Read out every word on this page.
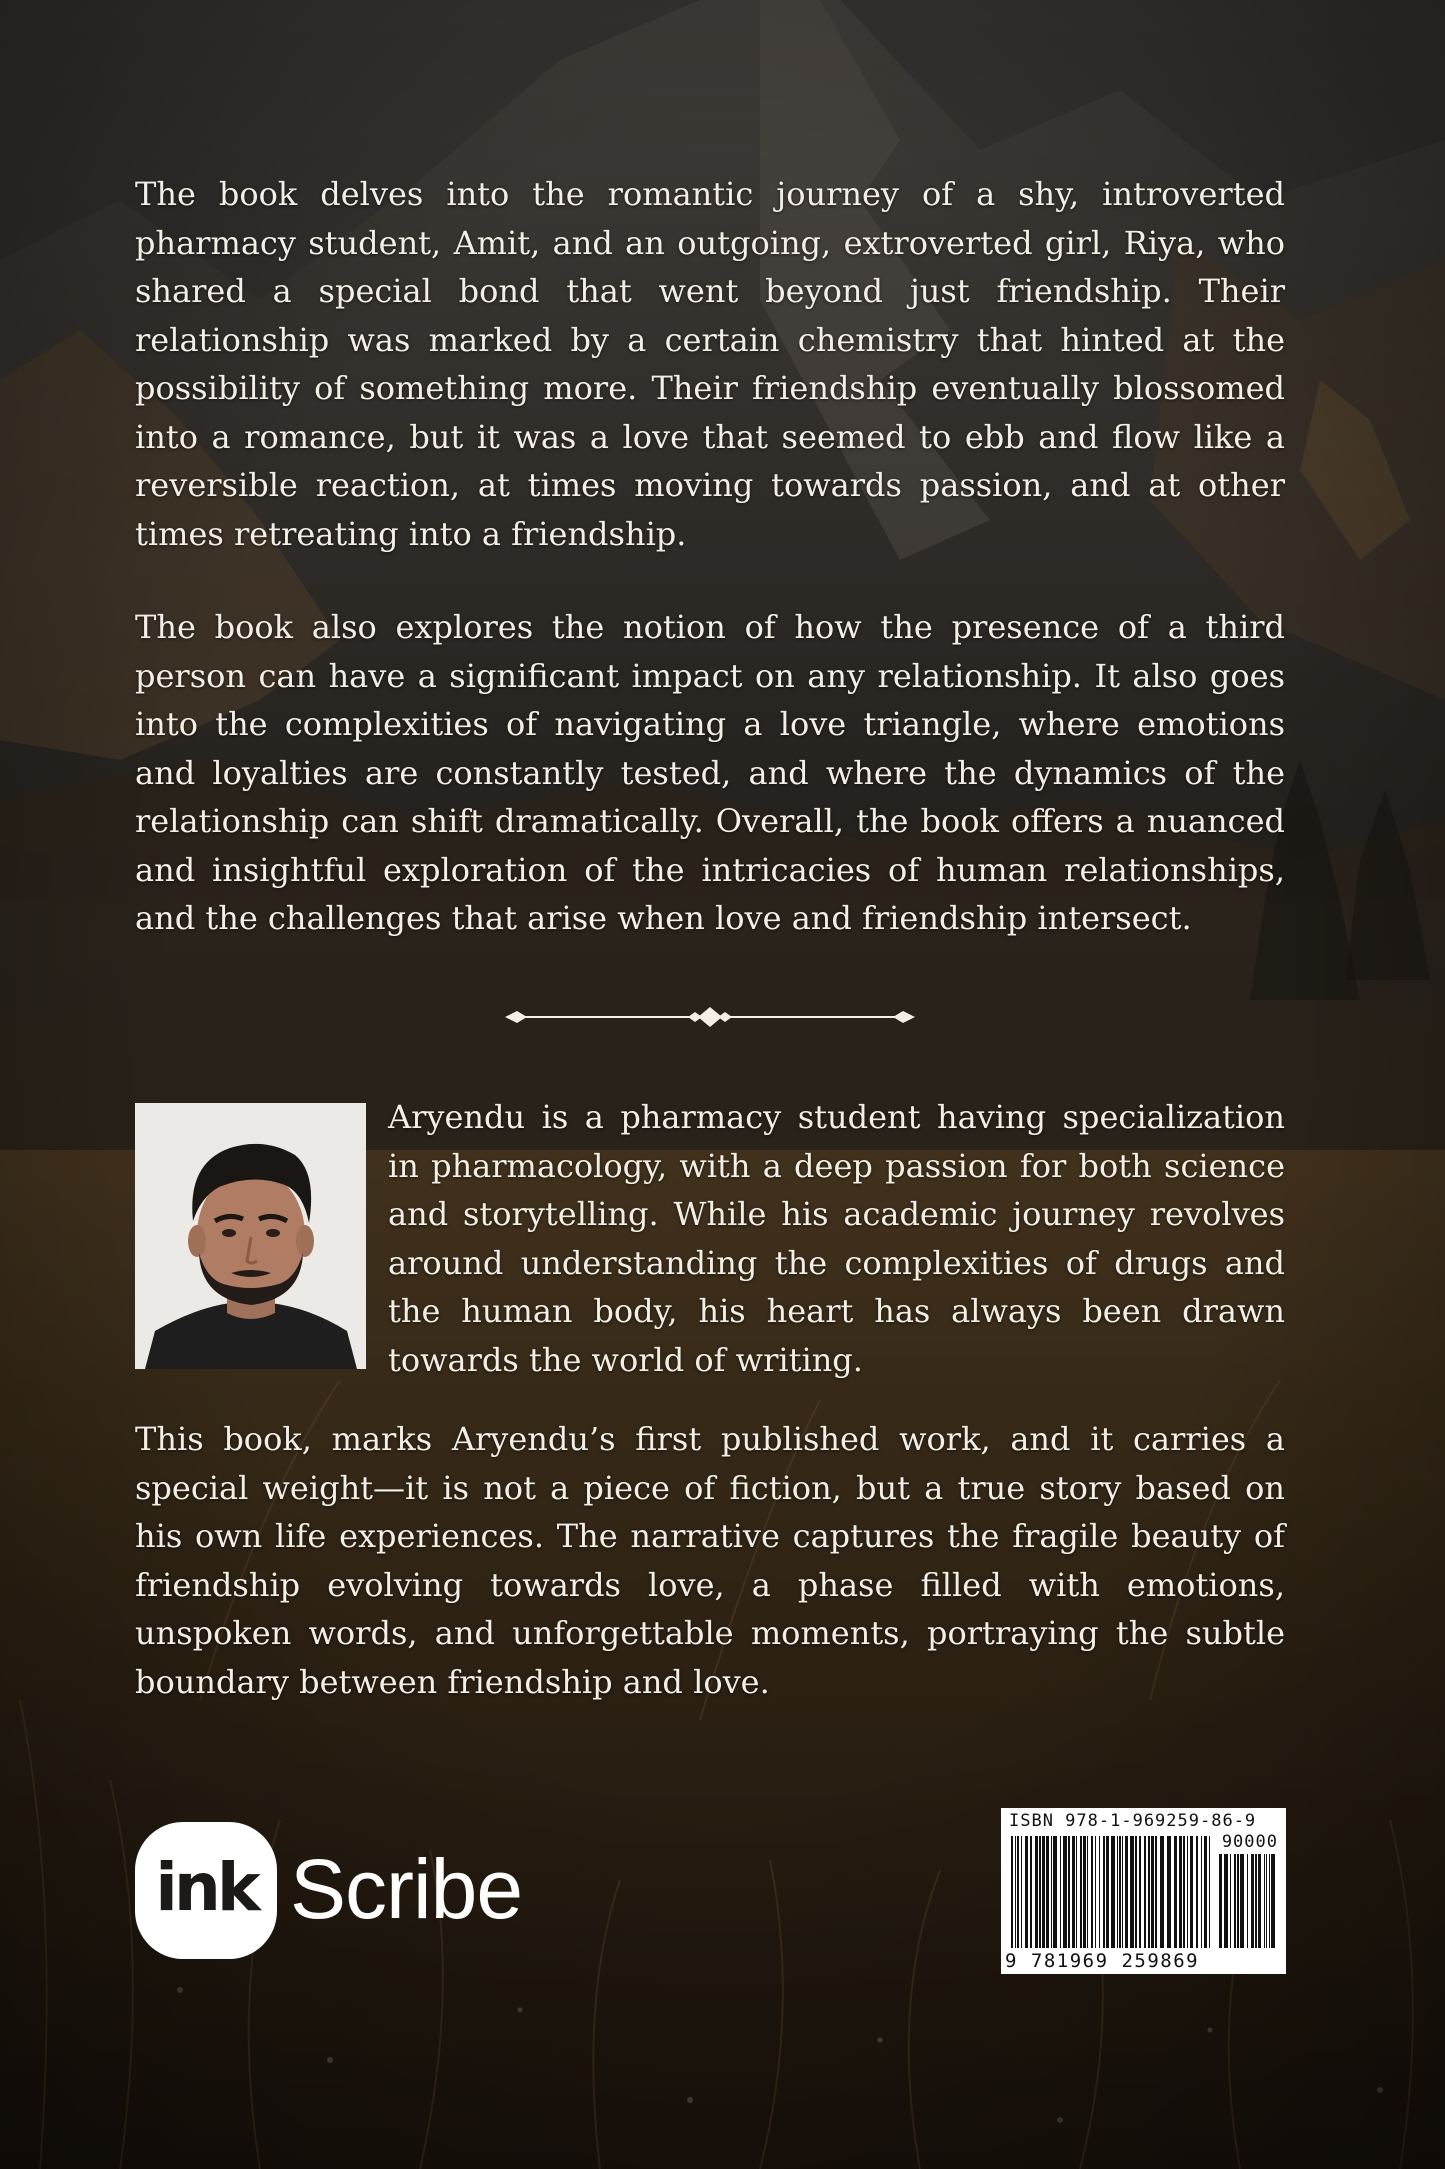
The book delves into the romantic journey of a shy, introverted pharmacy student, Amit, and an outgoing, extroverted girl, Riya, who shared a special bond that went beyond just friendship. Their relationship was marked by a certain chemistry that hinted at the possibility of something more. Their friendship eventually blossomed into a romance, but it was a love that seemed to ebb and flow like a reversible reaction, at times moving towards passion, and at other times retreating into a friendship.

The book also explores the notion of how the presence of a third person can have a significant impact on any relationship. It also goes into the complexities of navigating a love triangle, where emotions and loyalties are constantly tested, and where the dynamics of the relationship can shift dramatically. Overall, the book offers a nuanced and insightful exploration of the intricacies of human relationships, and the challenges that arise when love and friendship intersect.

Aryendu is a pharmacy student having specialization in pharmacology, with a deep passion for both science and storytelling. While his academic journey revolves around understanding the complexities of drugs and the human body, his heart has always been drawn towards the world of writing.

This book, marks Aryendu’s first published work, and it carries a special weight—it is not a piece of fiction, but a true story based on his own life experiences. The narrative captures the fragile beauty of friendship evolving towards love, a phase filled with emotions, unspoken words, and unforgettable moments, portraying the subtle boundary between friendship and love.

ink Scribe
ISBN 978-1-969259-86-9
90000
9 781969 259869
